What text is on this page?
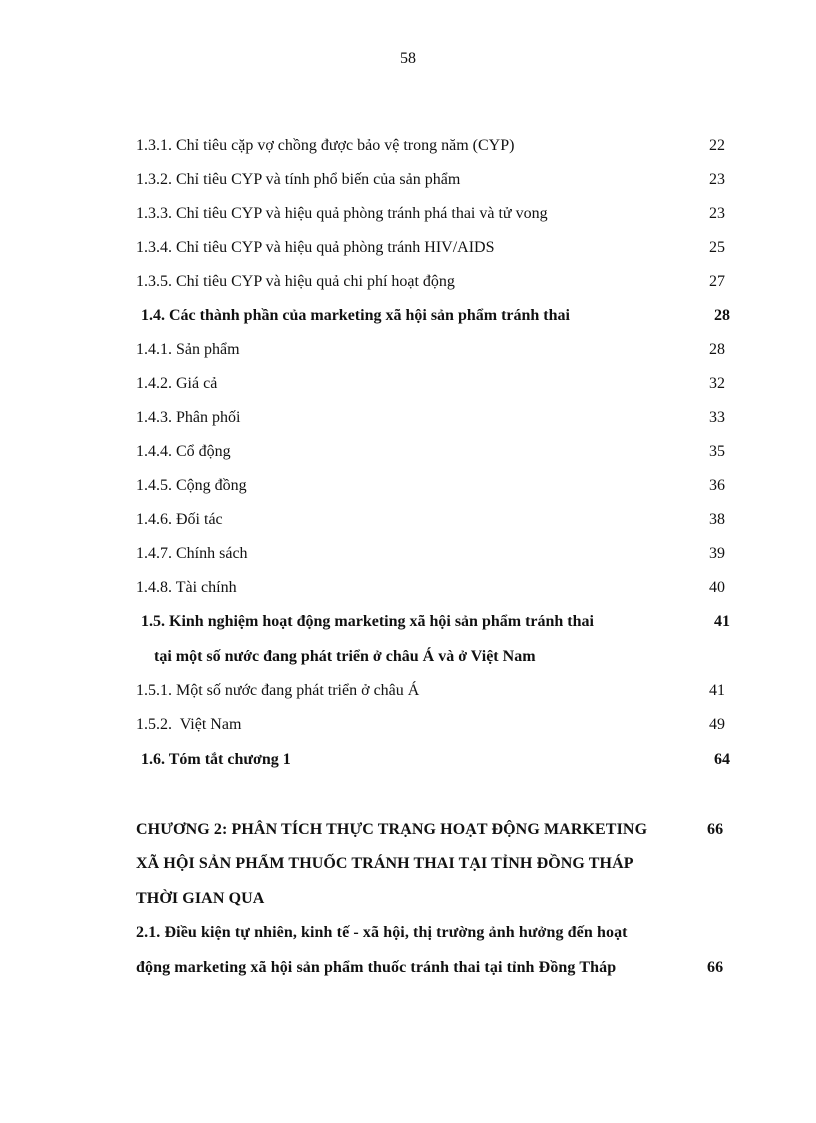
58
1.3.1. Chỉ tiêu cặp vợ chồng được bảo vệ trong năm (CYP)	22
1.3.2. Chỉ tiêu CYP và tính phổ biến của sản phẩm	23
1.3.3. Chỉ tiêu CYP và hiệu quả phòng tránh phá thai và tử vong	23
1.3.4. Chỉ tiêu CYP và hiệu quả phòng tránh HIV/AIDS	25
1.3.5. Chỉ tiêu CYP và hiệu quả chi phí hoạt động	27
1.4. Các thành phần của marketing xã hội sản phẩm tránh thai	28
1.4.1. Sản phẩm	28
1.4.2. Giá cả	32
1.4.3. Phân phối	33
1.4.4. Cổ động	35
1.4.5. Cộng đồng	36
1.4.6. Đối tác	38
1.4.7. Chính sách	39
1.4.8. Tài chính	40
1.5. Kinh nghiệm hoạt động marketing xã hội sản phẩm tránh thai	41
tại một số nước đang phát triển ở châu Á và ở Việt Nam
1.5.1. Một số nước đang phát triển ở châu Á	41
1.5.2.  Việt Nam	49
1.6. Tóm tắt chương 1	64
CHƯƠNG 2: PHÂN TÍCH THỰC TRẠNG HOẠT ĐỘNG MARKETING	66
XÃ HỘI SẢN PHẨM THUỐC TRÁNH THAI TẠI TỈNH ĐỒNG THÁP
THỜI GIAN QUA
2.1. Điều kiện tự nhiên, kinh tế - xã hội, thị trường ảnh hưởng đến hoạt
động marketing xã hội sản phẩm thuốc tránh thai tại tỉnh Đồng Tháp	66
